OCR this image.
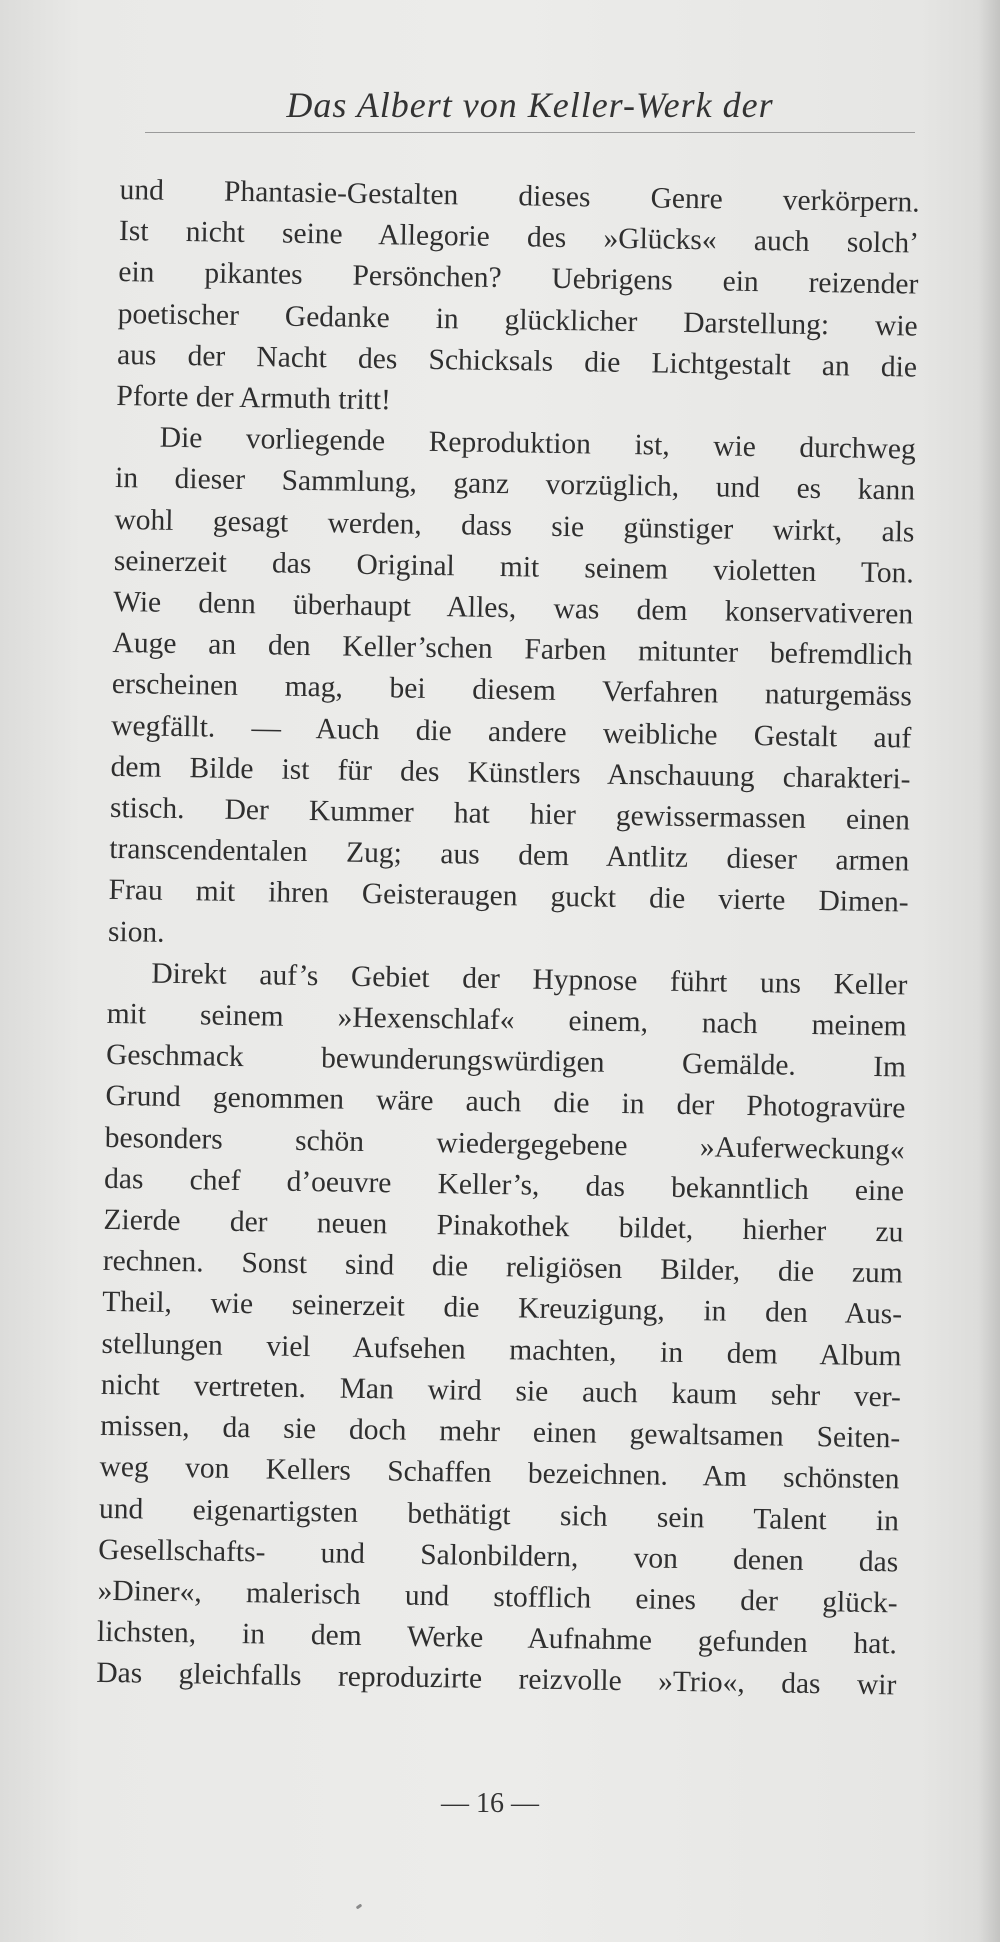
Das Albert von Keller-Werk der
und Phantasie-Gestalten dieses Genre verkörpern.
Ist nicht seine Allegorie des »Glücks« auch solch’
ein pikantes Persönchen? Uebrigens ein reizender
poetischer Gedanke in glücklicher Darstellung: wie
aus der Nacht des Schicksals die Lichtgestalt an die
Pforte der Armuth tritt!
Die vorliegende Reproduktion ist, wie durchweg
in dieser Sammlung, ganz vorzüglich, und es kann
wohl gesagt werden, dass sie günstiger wirkt, als
seinerzeit das Original mit seinem violetten Ton.
Wie denn überhaupt Alles, was dem konservativeren
Auge an den Keller’schen Farben mitunter befremdlich
erscheinen mag, bei diesem Verfahren naturgemäss
wegfällt. — Auch die andere weibliche Gestalt auf
dem Bilde ist für des Künstlers Anschauung charakteri-
stisch. Der Kummer hat hier gewissermassen einen
transcendentalen Zug; aus dem Antlitz dieser armen
Frau mit ihren Geisteraugen guckt die vierte Dimen-
sion.
Direkt auf’s Gebiet der Hypnose führt uns Keller
mit seinem »Hexenschlaf« einem, nach meinem
Geschmack bewunderungswürdigen Gemälde. Im
Grund genommen wäre auch die in der Photogravüre
besonders schön wiedergegebene »Auferweckung«
das chef d’oeuvre Keller’s, das bekanntlich eine
Zierde der neuen Pinakothek bildet, hierher zu
rechnen. Sonst sind die religiösen Bilder, die zum
Theil, wie seinerzeit die Kreuzigung, in den Aus-
stellungen viel Aufsehen machten, in dem Album
nicht vertreten. Man wird sie auch kaum sehr ver-
missen, da sie doch mehr einen gewaltsamen Seiten-
weg von Kellers Schaffen bezeichnen. Am schönsten
und eigenartigsten bethätigt sich sein Talent in
Gesellschafts- und Salonbildern, von denen das
»Diner«, malerisch und stofflich eines der glück-
lichsten, in dem Werke Aufnahme gefunden hat.
Das gleichfalls reproduzirte reizvolle »Trio«, das wir
— 16 —
